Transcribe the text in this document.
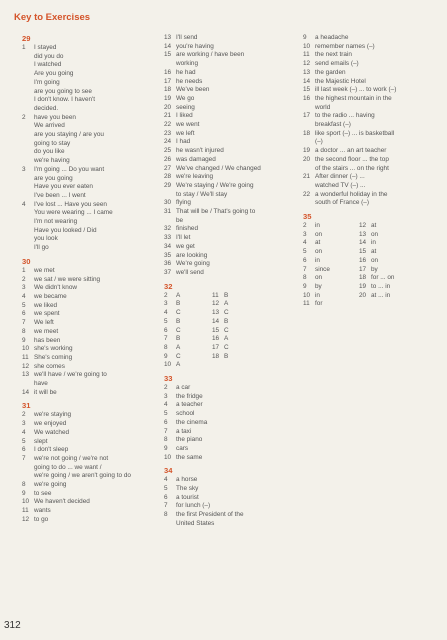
Key to Exercises
29
1	I stayed
did you do
I watched
Are you going
I'm going
are you going to see
I don't know. I haven't
decided.
2	have you been
We arrived
are you staying / are you
going to stay
do you like
we're having
3	I'm going ... Do you want
are you going
Have you ever eaten
I've been ... I went
4	I've lost ... Have you seen
You were wearing ... I came
I'm not wearing
Have you looked / Did
you look
I'll go
30
1	we met
2	we sat / we were sitting
3	We didn't know
4	we became
5	we liked
6	we spent
7	We left
8	we meet
9	has been
10 she's working
11 She's coming
12 she comes
13 we'll have / we're going to
have
14 it will be
31
2	we're staying
3	we enjoyed
4	We watched
5	slept
6	I don't sleep
7	we're not going / we're not
going to do ... we want /
we're going / we aren't going to do
8	we're going
9	to see
10 We haven't decided
11 wants
12 to go
13 I'll send
14 you're having
15 are working / have been
working
16 he had
17 he needs
18 We've been
19 We go
20 seeing
21 I liked
22 we went
23 we left
24 I had
25 he wasn't injured
26 was damaged
27 We've changed / We changed
28 we're leaving
29 We're staying / We're going
to stay / We'll stay
30 flying
31 That will be / That's going to
be
32 finished
33 I'll let
34 we get
35 are looking
36 We're going
37 we'll send
32
2	A	11 B
3	B	12 A
4	C	13 C
5	B	14 B
6	C	15 C
7	B	16 A
8	A	17 C
9	C	18 B
10 A
33
2	a car
3	the fridge
4	a teacher
5	school
6	the cinema
7	a taxi
8	the piano
9	cars
10 the same
34
4	a horse
5	The sky
6	a tourist
7	for lunch (–)
8	the first President of the
United States
9	a headache
10 remember names (–)
11 the next train
12 send emails (–)
13 the garden
14 the Majestic Hotel
15 ill last week (–) ... to work (–)
16 the highest mountain in the
world
17 to the radio ... having
breakfast (–)
18 like sport (–) ... is basketball
(–)
19 a doctor ... an art teacher
20 the second floor ... the top
of the stairs ... on the right
21 After dinner (–) ...
watched TV (–) ...
22 a wonderful holiday in the
south of France (–)
35
2	in	12 at
3	on	13 on
4	at	14 in
5	on	15 at
6	in	16 on
7	since	17 by
8	on	18 for ... on
9	by	19 to ... in
10 in	20 at ... in
11 for
312
